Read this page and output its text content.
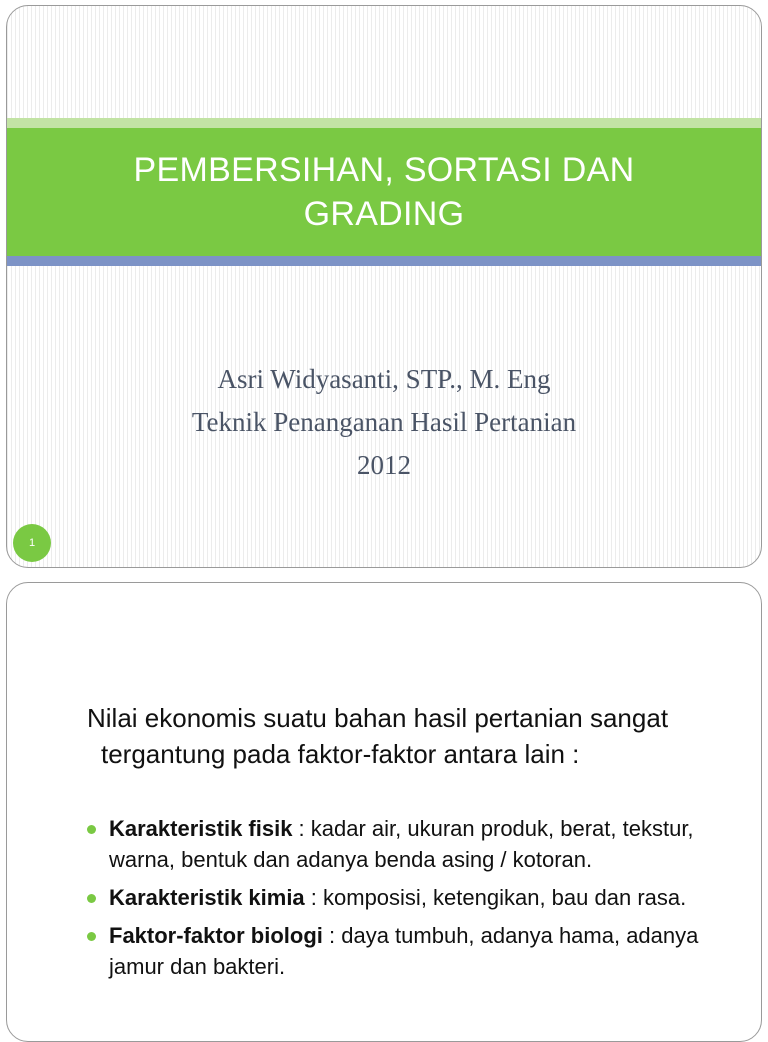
PEMBERSIHAN, SORTASI DAN
GRADING
Asri Widyasanti, STP., M. Eng
Teknik Penanganan Hasil Pertanian
2012
1
Nilai ekonomis suatu bahan hasil pertanian sangat tergantung pada faktor-faktor antara lain :
Karakteristik fisik : kadar air, ukuran produk, berat, tekstur, warna, bentuk dan adanya benda asing / kotoran.
Karakteristik kimia : komposisi, ketengikan, bau dan rasa.
Faktor-faktor biologi : daya tumbuh, adanya hama, adanya jamur dan bakteri.
